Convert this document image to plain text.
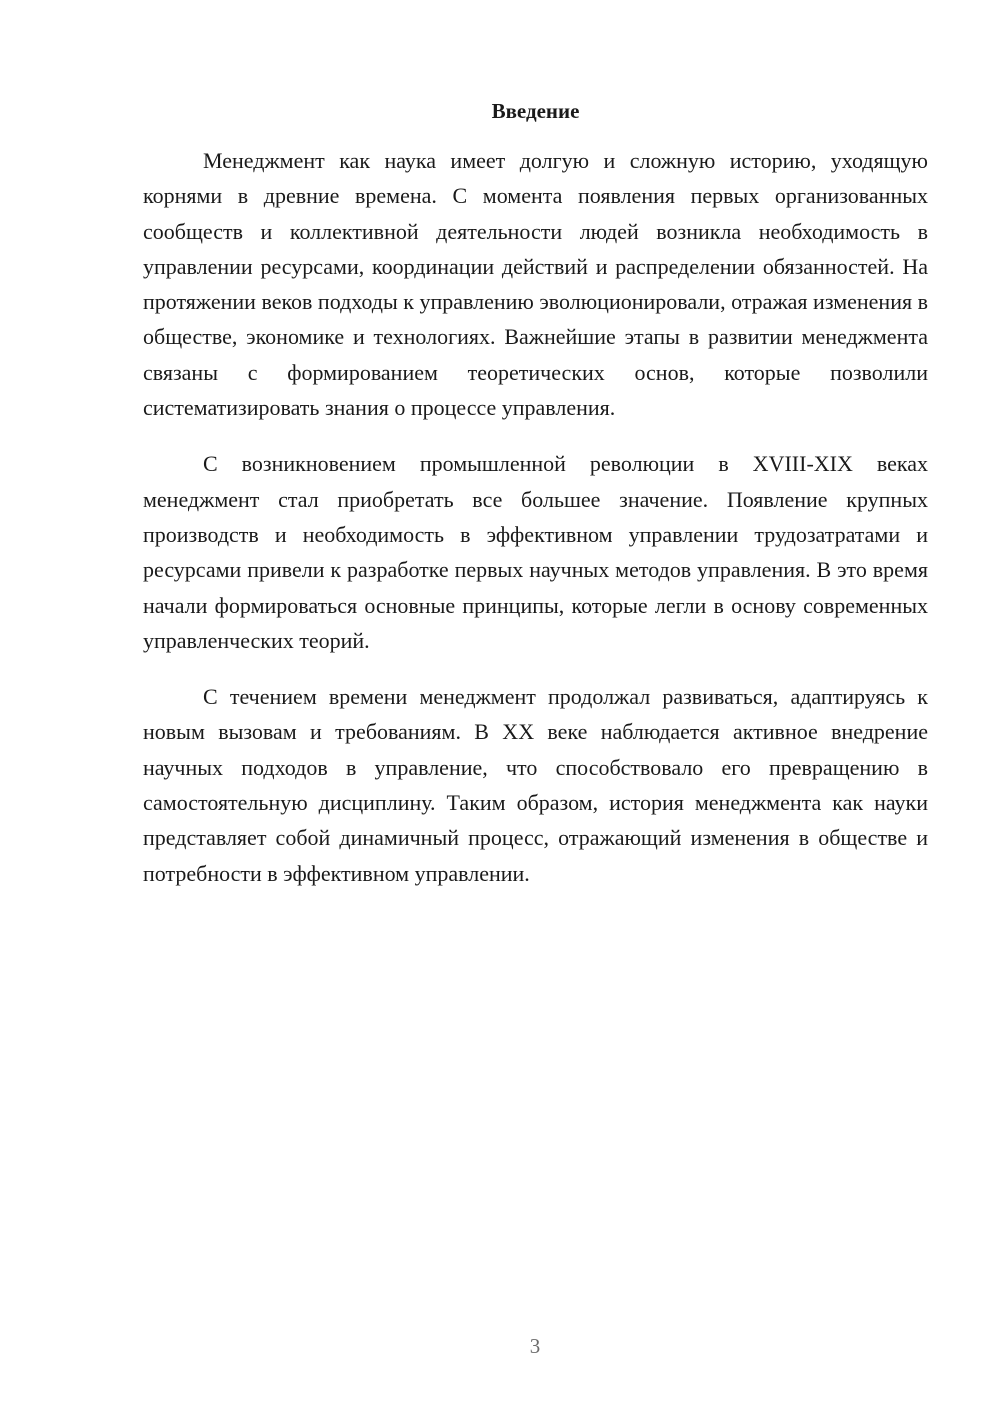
Введение

Менеджмент как наука имеет долгую и сложную историю, уходящую корнями в древние времена. С момента появления первых организованных сообществ и коллективной деятельности людей возникла необходимость в управлении ресурсами, координации действий и распределении обязанностей. На протяжении веков подходы к управлению эволюционировали, отражая изменения в обществе, экономике и технологиях. Важнейшие этапы в развитии менеджмента связаны с формированием теоретических основ, которые позволили систематизировать знания о процессе управления.

С возникновением промышленной революции в XVIII-XIX веках менеджмент стал приобретать все большее значение. Появление крупных производств и необходимость в эффективном управлении трудозатратами и ресурсами привели к разработке первых научных методов управления. В это время начали формироваться основные принципы, которые легли в основу современных управленческих теорий.

С течением времени менеджмент продолжал развиваться, адаптируясь к новым вызовам и требованиям. В XX веке наблюдается активное внедрение научных подходов в управление, что способствовало его превращению в самостоятельную дисциплину. Таким образом, история менеджмента как науки представляет собой динамичный процесс, отражающий изменения в обществе и потребности в эффективном управлении.

3
